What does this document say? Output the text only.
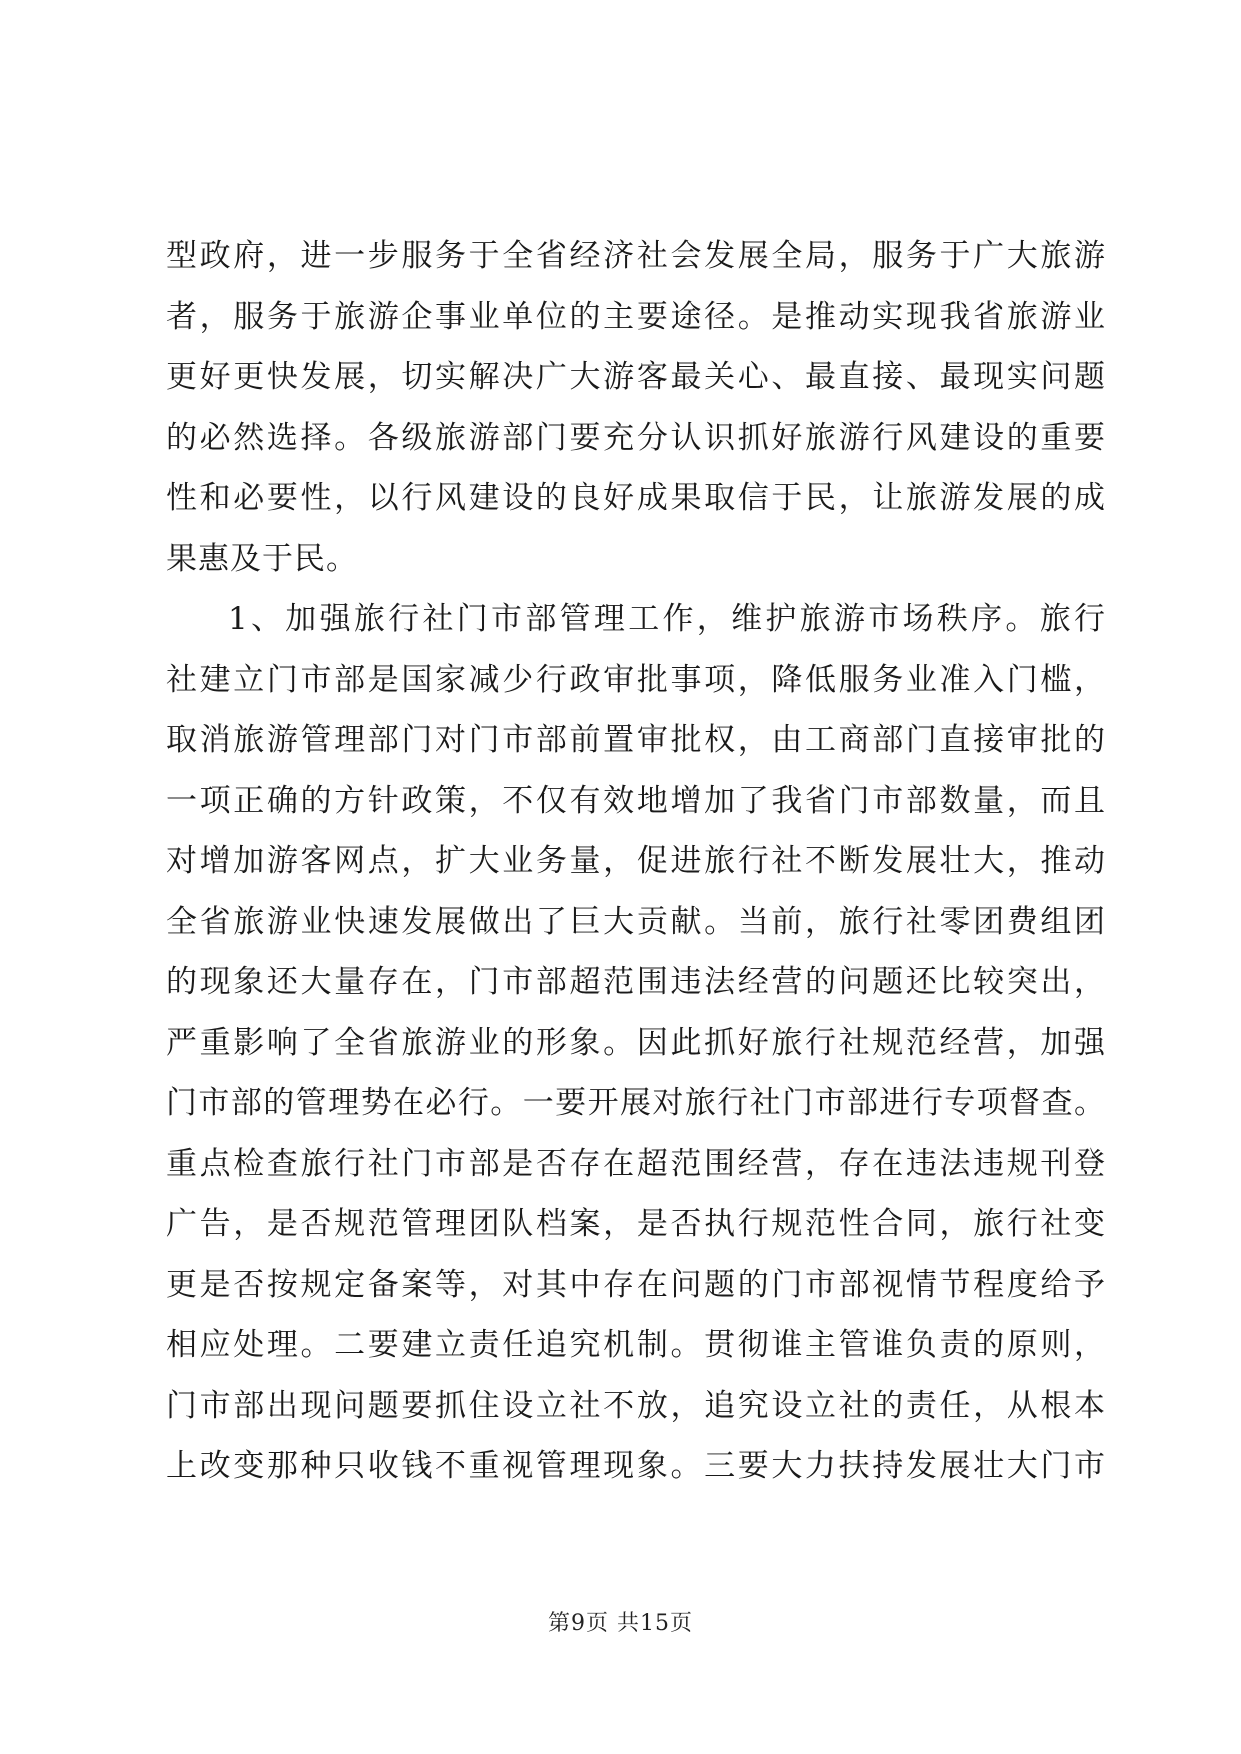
型政府，进一步服务于全省经济社会发展全局，服务于广大旅游
者，服务于旅游企事业单位的主要途径。是推动实现我省旅游业
更好更快发展，切实解决广大游客最关心、最直接、最现实问题
的必然选择。各级旅游部门要充分认识抓好旅游行风建设的重要
性和必要性，以行风建设的良好成果取信于民，让旅游发展的成
果惠及于民。
1、加强旅行社门市部管理工作，维护旅游市场秩序。旅行
社建立门市部是国家减少行政审批事项，降低服务业准入门槛，
取消旅游管理部门对门市部前置审批权，由工商部门直接审批的
一项正确的方针政策，不仅有效地增加了我省门市部数量，而且
对增加游客网点，扩大业务量，促进旅行社不断发展壮大，推动
全省旅游业快速发展做出了巨大贡献。当前，旅行社零团费组团
的现象还大量存在，门市部超范围违法经营的问题还比较突出，
严重影响了全省旅游业的形象。因此抓好旅行社规范经营，加强
门市部的管理势在必行。一要开展对旅行社门市部进行专项督查。
重点检查旅行社门市部是否存在超范围经营，存在违法违规刊登
广告，是否规范管理团队档案，是否执行规范性合同，旅行社变
更是否按规定备案等，对其中存在问题的门市部视情节程度给予
相应处理。二要建立责任追究机制。贯彻谁主管谁负责的原则，
门市部出现问题要抓住设立社不放，追究设立社的责任，从根本
上改变那种只收钱不重视管理现象。三要大力扶持发展壮大门市
第9页 共15页
